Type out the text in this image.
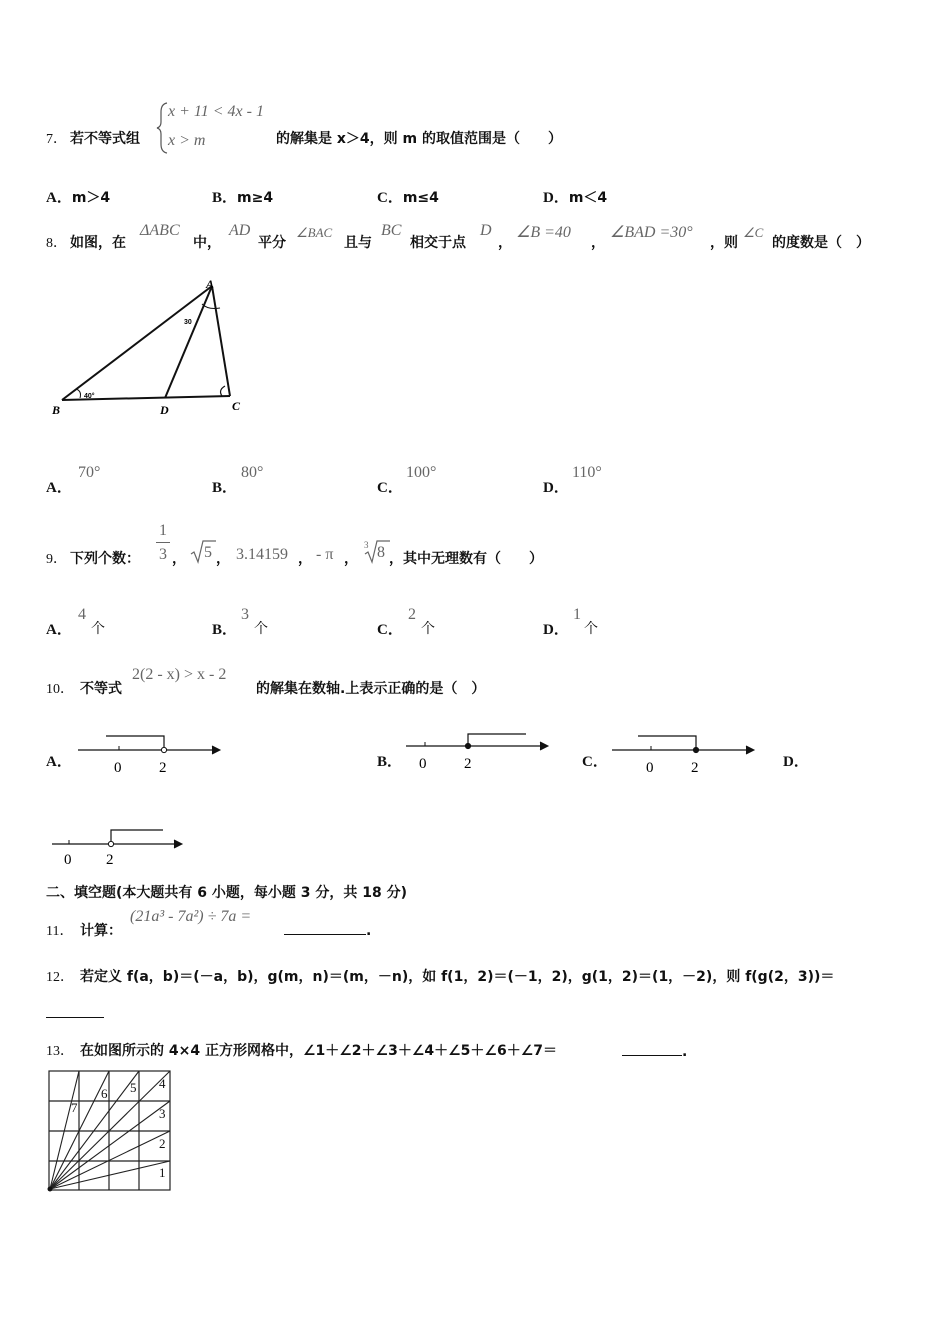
7． 若不等式组
x + 11 < 4x - 1
x > m	的解集是 x＞4，则 m 的取值范围是（　　）
A．m＞4	B．m≥4	C．m≤4	D．m＜4
8． 如图，在
ΔABC
中，
AD
平分
∠BAC
且与
BC
相交于点
D
，
∠B =40
，
∠BAD =30°
，则
∠C
的度数是（　）
A
B	D	C
40°
30
A．
70°
B．
80°
C．
100°
D．
110°
9． 下列个数：
1
3 ， 5 ， 3.14159 ， - π ，
3 8 ，其中无理数有（　　）
A．
4
个	B．
3
个	C．
2
个	D．
1
个
10． 不等式
2(2 - x) > x - 2
的解集在数轴.上表示正确的是（　）
A．	0	2	B． 0	2	C．	0	2	D．
0 2
二、填空题(本大题共有 6 小题，每小题 3 分，共 18 分)
11． 计算：
(21a³ - 7a²) ÷ 7a =
.
12． 若定义 f(a，b)＝(－a，b)，g(m，n)＝(m，－n)，如 f(1，2)＝(－1，2)，g(1，2)＝(1，－2)，则 f(g(2，3))＝
13． 在如图所示的 4×4 正方形网格中，∠1＋∠2＋∠3＋∠4＋∠5＋∠6＋∠7＝	.
1
2
3
4
5
6
7
